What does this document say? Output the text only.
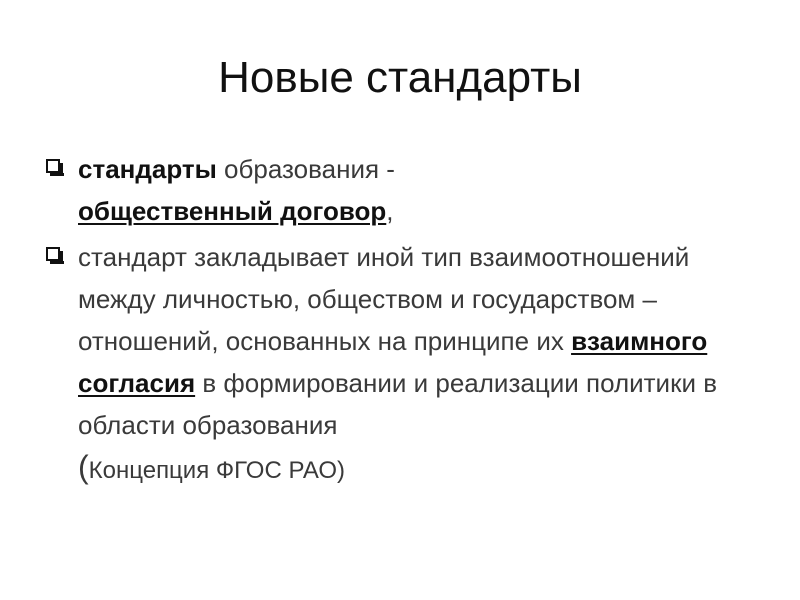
Новые стандарты
стандарты образования -
общественный договор,
стандарт закладывает иной тип взаимоотношений между личностью, обществом и государством – отношений, основанных на принципе их взаимного согласия в формировании и реализации политики в области образования
(Концепция ФГОС РАО)
